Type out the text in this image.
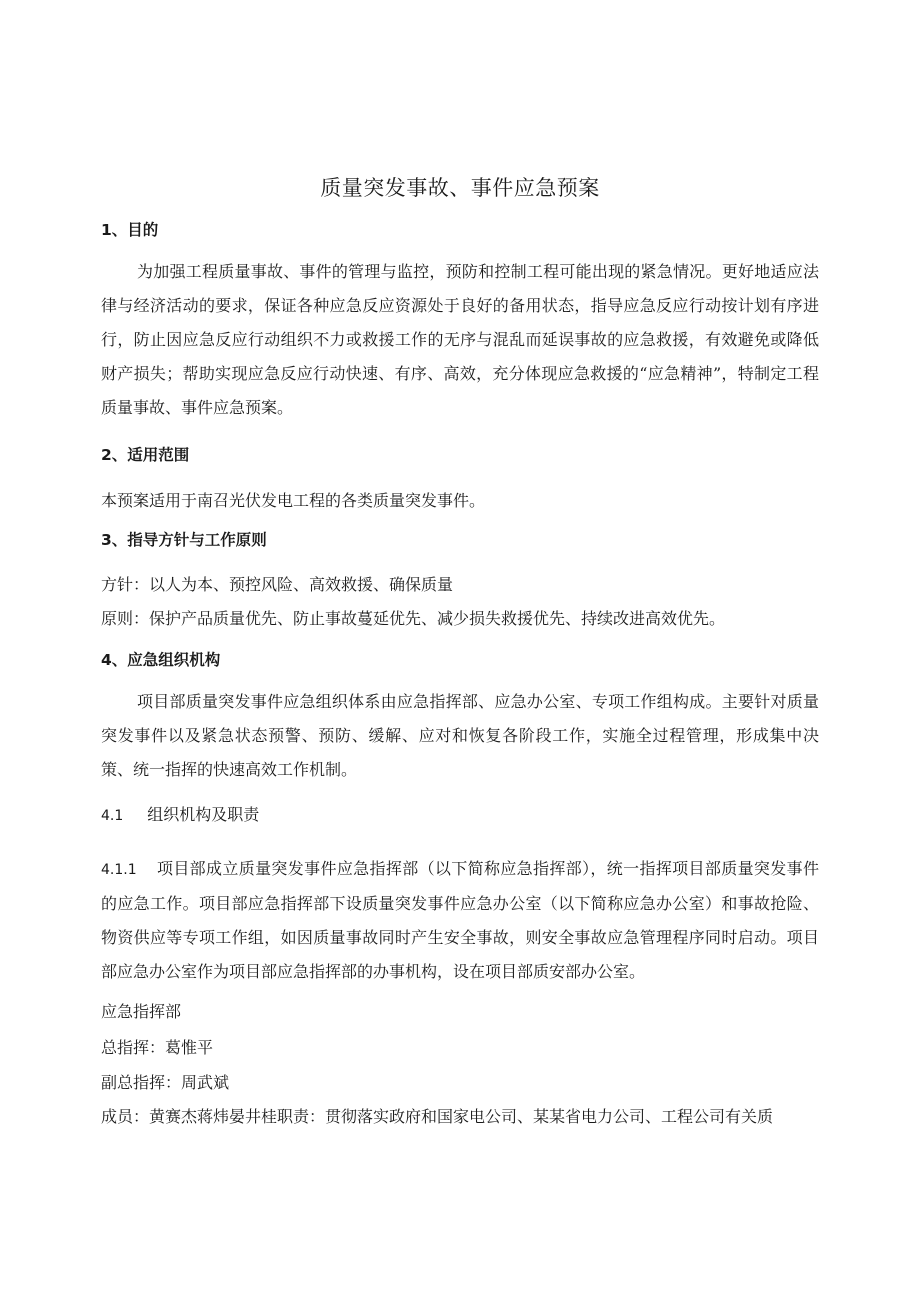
质量突发事故、事件应急预案
1、目的
为加强工程质量事故、事件的管理与监控，预防和控制工程可能出现的紧急情况。更好地适应法律与经济活动的要求，保证各种应急反应资源处于良好的备用状态，指导应急反应行动按计划有序进行，防止因应急反应行动组织不力或救援工作的无序与混乱而延误事故的应急救援，有效避免或降低财产损失；帮助实现应急反应行动快速、有序、高效，充分体现应急救援的“应急精神”，特制定工程质量事故、事件应急预案。
2、适用范围
本预案适用于南召光伏发电工程的各类质量突发事件。
3、指导方针与工作原则
方针：以人为本、预控风险、高效救援、确保质量
原则：保护产品质量优先、防止事故蔓延优先、减少损失救援优先、持续改进高效优先。
4、应急组织机构
项目部质量突发事件应急组织体系由应急指挥部、应急办公室、专项工作组构成。主要针对质量突发事件以及紧急状态预警、预防、缓解、应对和恢复各阶段工作，实施全过程管理，形成集中决策、统一指挥的快速高效工作机制。
4.1 组织机构及职责
4.1.1 项目部成立质量突发事件应急指挥部（以下简称应急指挥部），统一指挥项目部质量突发事件的应急工作。项目部应急指挥部下设质量突发事件应急办公室（以下简称应急办公室）和事故抢险、物资供应等专项工作组，如因质量事故同时产生安全事故，则安全事故应急管理程序同时启动。项目部应急办公室作为项目部应急指挥部的办事机构，设在项目部质安部办公室。
应急指挥部
总指挥：葛惟平
副总指挥：周武斌
成员：黄赛杰蒋炜晏井桂职责：贯彻落实政府和国家电公司、某某省电力公司、工程公司有关质
